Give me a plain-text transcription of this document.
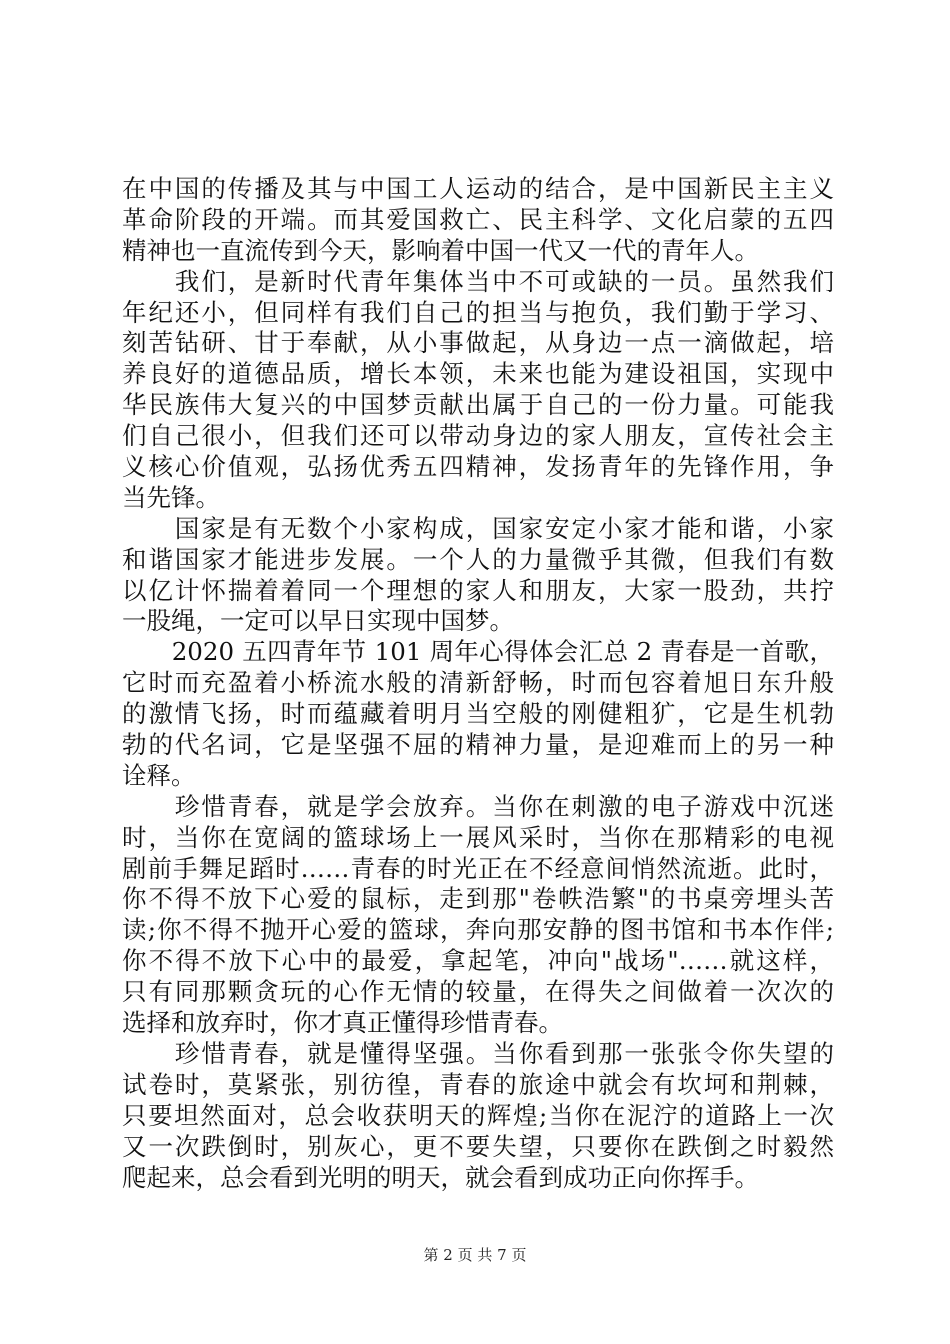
在中国的传播及其与中国工人运动的结合，是中国新民主主义
革命阶段的开端。而其爱国救亡、民主科学、文化启蒙的五四
精神也一直流传到今天，影响着中国一代又一代的青年人。
　　我们，是新时代青年集体当中不可或缺的一员。虽然我们
年纪还小，但同样有我们自己的担当与抱负，我们勤于学习、
刻苦钻研、甘于奉献，从小事做起，从身边一点一滴做起，培
养良好的道德品质，增长本领，未来也能为建设祖国，实现中
华民族伟大复兴的中国梦贡献出属于自己的一份力量。可能我
们自己很小，但我们还可以带动身边的家人朋友，宣传社会主
义核心价值观，弘扬优秀五四精神，发扬青年的先锋作用，争
当先锋。
　　国家是有无数个小家构成，国家安定小家才能和谐，小家
和谐国家才能进步发展。一个人的力量微乎其微，但我们有数
以亿计怀揣着着同一个理想的家人和朋友，大家一股劲，共拧
一股绳，一定可以早日实现中国梦。
　　2020 五四青年节 101 周年心得体会汇总 2 青春是一首歌，
它时而充盈着小桥流水般的清新舒畅，时而包容着旭日东升般
的激情飞扬，时而蕴藏着明月当空般的刚健粗犷，它是生机勃
勃的代名词，它是坚强不屈的精神力量，是迎难而上的另一种
诠释。
　　珍惜青春，就是学会放弃。当你在刺激的电子游戏中沉迷
时，当你在宽阔的篮球场上一展风采时，当你在那精彩的电视
剧前手舞足蹈时……青春的时光正在不经意间悄然流逝。此时，
你不得不放下心爱的鼠标，走到那"卷帙浩繁"的书桌旁埋头苦
读;你不得不抛开心爱的篮球，奔向那安静的图书馆和书本作伴;
你不得不放下心中的最爱，拿起笔，冲向"战场"……就这样，
只有同那颗贪玩的心作无情的较量，在得失之间做着一次次的
选择和放弃时，你才真正懂得珍惜青春。
　　珍惜青春，就是懂得坚强。当你看到那一张张令你失望的
试卷时，莫紧张，别彷徨，青春的旅途中就会有坎坷和荆棘，
只要坦然面对，总会收获明天的辉煌;当你在泥泞的道路上一次
又一次跌倒时，别灰心，更不要失望，只要你在跌倒之时毅然
爬起来，总会看到光明的明天，就会看到成功正向你挥手。
第 2 页 共 7 页
